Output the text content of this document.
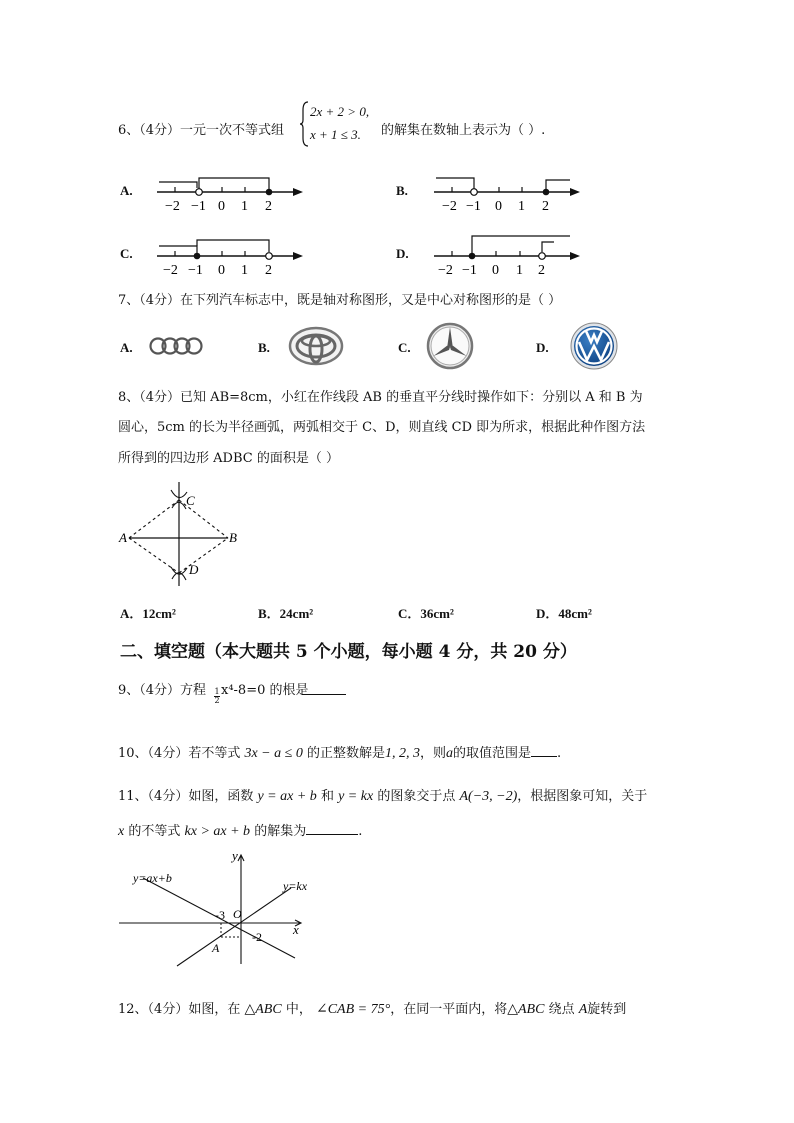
6、（4分）一元一次不等式组
2x + 2 > 0,
x + 1 ≤ 3. 的解集在数轴上表示为（ ）.
A.
−2 −1 0 1 2
B.
−2 −1 0 1 2
C.
−2 −1 0 1 2
D.
−2 −1 0 1 2
7、（4分）在下列汽车标志中，既是轴对称图形，又是中心对称图形的是（ ）
A.	B.	C.	D.
8、（4分）已知 AB=8cm，小红在作线段 AB 的垂直平分线时操作如下：分别以 A 和 B 为
圆心，5cm 的长为半径画弧，两弧相交于 C、D，则直线 CD 即为所求，根据此种作图方法
所得到的四边形 ADBC 的面积是（ ）
A	B
C
D
A．12cm²	B．24cm²	C．36cm²	D．48cm²
二、填空题（本大题共 5 个小题，每小题 4 分，共 20 分）
9、（4分）方程 x⁴-8=0 的根是
$\frac{1}{2}$
10、（4分）若不等式 3x − a ≤ 0 的正整数解是1, 2, 3，则a的取值范围是 .
11、（4分）如图，函数 y = ax + b 和 y = kx 的图象交于点 A(−3, −2)，根据图象可知，关于
x 的不等式 kx > ax + b 的解集为	.
y
x
O
y=ax+b
y=kx
-3
-2
A
12、（4分）如图，在 △ABC 中， ∠CAB = 75°，在同一平面内，将△ABC 绕点 A旋转到
